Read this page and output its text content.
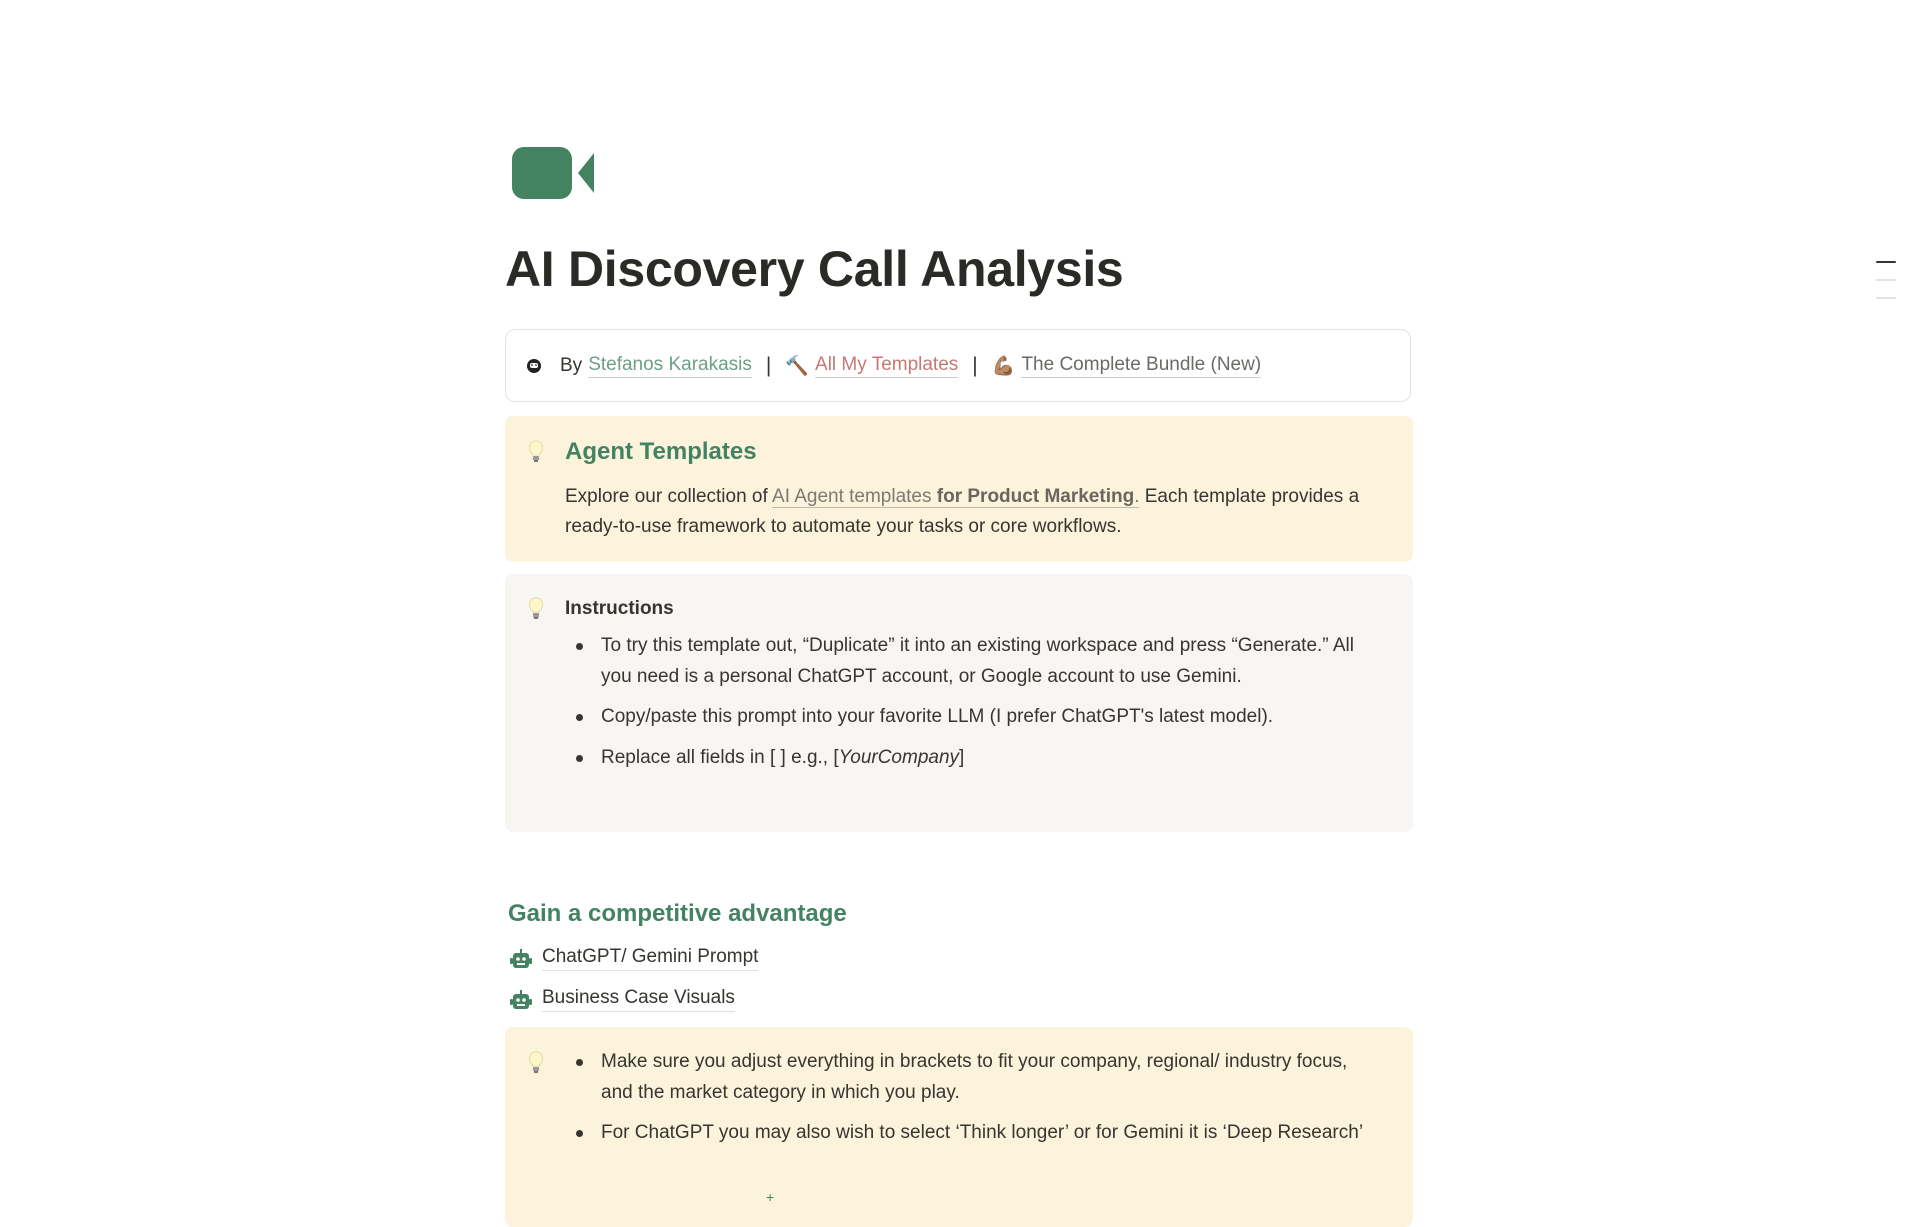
AI Discovery Call Analysis
By Stefanos Karakasis | 🔨 All My Templates | 💪🏽 The Complete Bundle (New)
Agent Templates
Explore our collection of AI Agent templates for Product Marketing. Each template provides a ready-to-use framework to automate your tasks or core workflows.
Instructions
To try this template out, “Duplicate” it into an existing workspace and press “Generate.” All you need is a personal ChatGPT account, or Google account to use Gemini.
Copy/paste this prompt into your favorite LLM (I prefer ChatGPT's latest model).
Replace all fields in [ ] e.g., [YourCompany]
Gain a competitive advantage
ChatGPT/ Gemini Prompt
Business Case Visuals
Make sure you adjust everything in brackets to fit your company, regional/ industry focus, and the market category in which you play.
For ChatGPT you may also wish to select ‘Think longer’ or for Gemini it is ‘Deep Research’
+
